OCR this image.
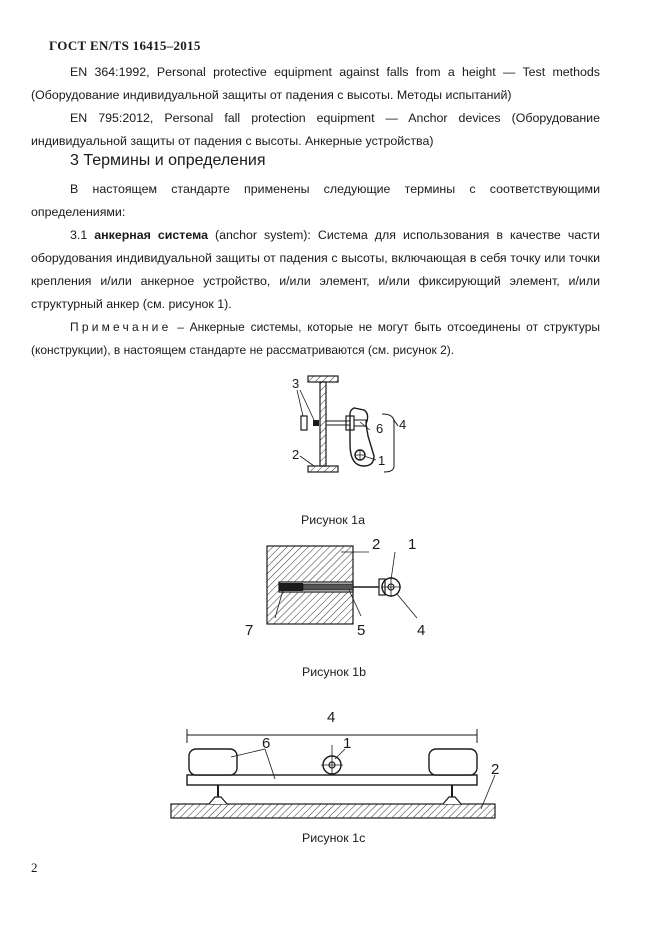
ГОСТ EN/TS 16415–2015

EN 364:1992, Personal protective equipment against falls from a height — Test methods (Оборудование индивидуальной защиты от падения с высоты. Методы испытаний)

EN 795:2012, Personal fall protection equipment — Anchor devices (Оборудование индивидуальной защиты от падения с высоты. Анкерные устройства)

3 Термины и определения

В настоящем стандарте применены следующие термины с соответствующими определениями:

3.1 анкерная система (anchor system): Система для использования в качестве части оборудования индивидуальной защиты от падения с высоты, включающая в себя точку или точки крепления и/или анкерное устройство, и/или элемент, и/или фиксирующий элемент, и/или структурный анкер (см. рисунок 1).

Примечание – Анкерные системы, которые не могут быть отсоединены от структуры (конструкции), в настоящем стандарте не рассматриваются (см. рисунок 2).

3
2
6
1
4
Рисунок 1a
2 1
7	5	4
Рисунок 1b
4
6	1
2
Рисунок 1c
2
